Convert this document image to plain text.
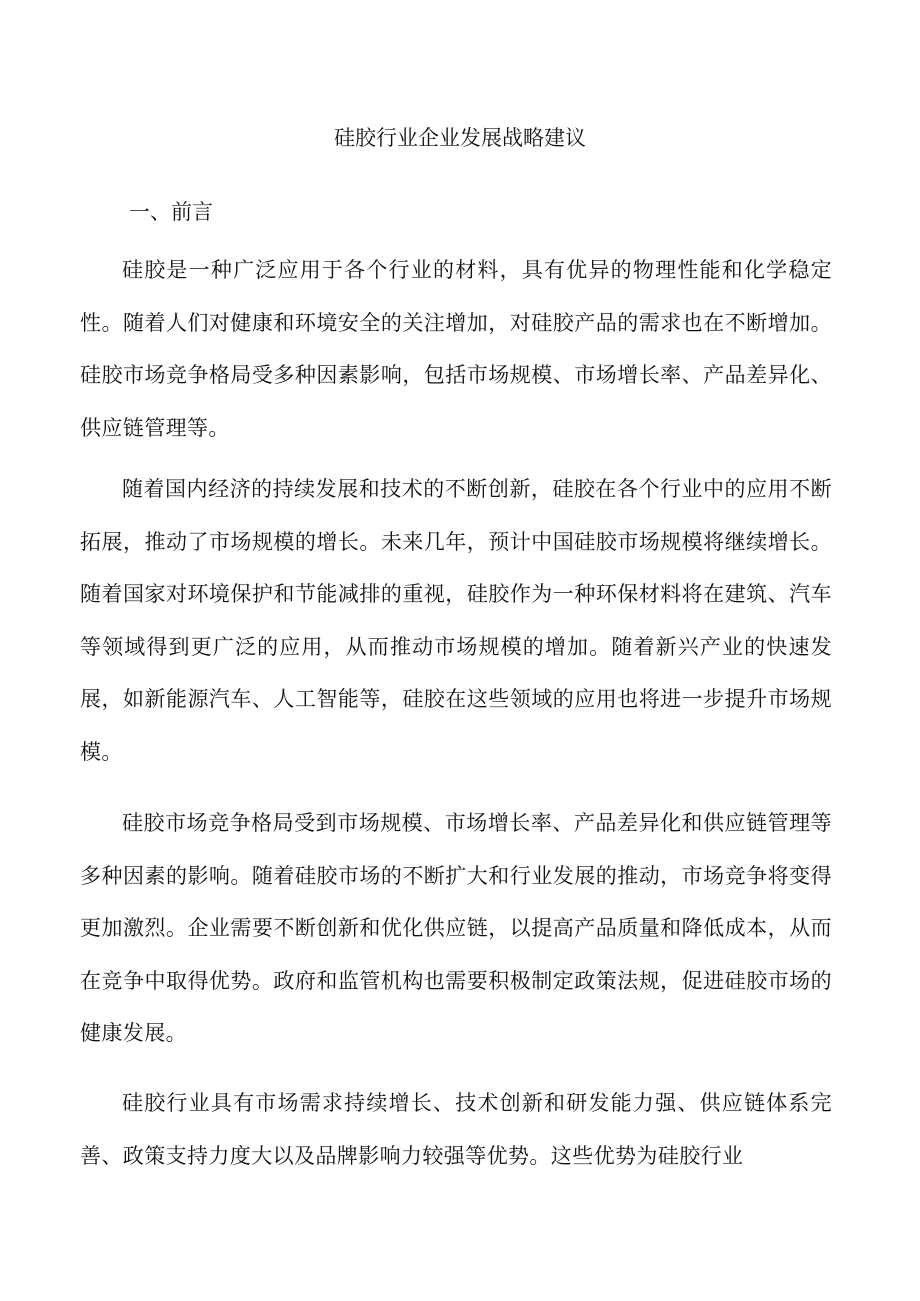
硅胶行业企业发展战略建议
一、前言

硅胶是一种广泛应用于各个行业的材料，具有优异的物理性能和化学稳定性。随着人们对健康和环境安全的关注增加，对硅胶产品的需求也在不断增加。硅胶市场竞争格局受多种因素影响，包括市场规模、市场增长率、产品差异化、供应链管理等。

随着国内经济的持续发展和技术的不断创新，硅胶在各个行业中的应用不断拓展，推动了市场规模的增长。未来几年，预计中国硅胶市场规模将继续增长。随着国家对环境保护和节能减排的重视，硅胶作为一种环保材料将在建筑、汽车等领域得到更广泛的应用，从而推动市场规模的增加。随着新兴产业的快速发展，如新能源汽车、人工智能等，硅胶在这些领域的应用也将进一步提升市场规模。

硅胶市场竞争格局受到市场规模、市场增长率、产品差异化和供应链管理等多种因素的影响。随着硅胶市场的不断扩大和行业发展的推动，市场竞争将变得更加激烈。企业需要不断创新和优化供应链，以提高产品质量和降低成本，从而在竞争中取得优势。政府和监管机构也需要积极制定政策法规，促进硅胶市场的健康发展。

硅胶行业具有市场需求持续增长、技术创新和研发能力强、供应链体系完善、政策支持力度大以及品牌影响力较强等优势。这些优势为硅胶行业
